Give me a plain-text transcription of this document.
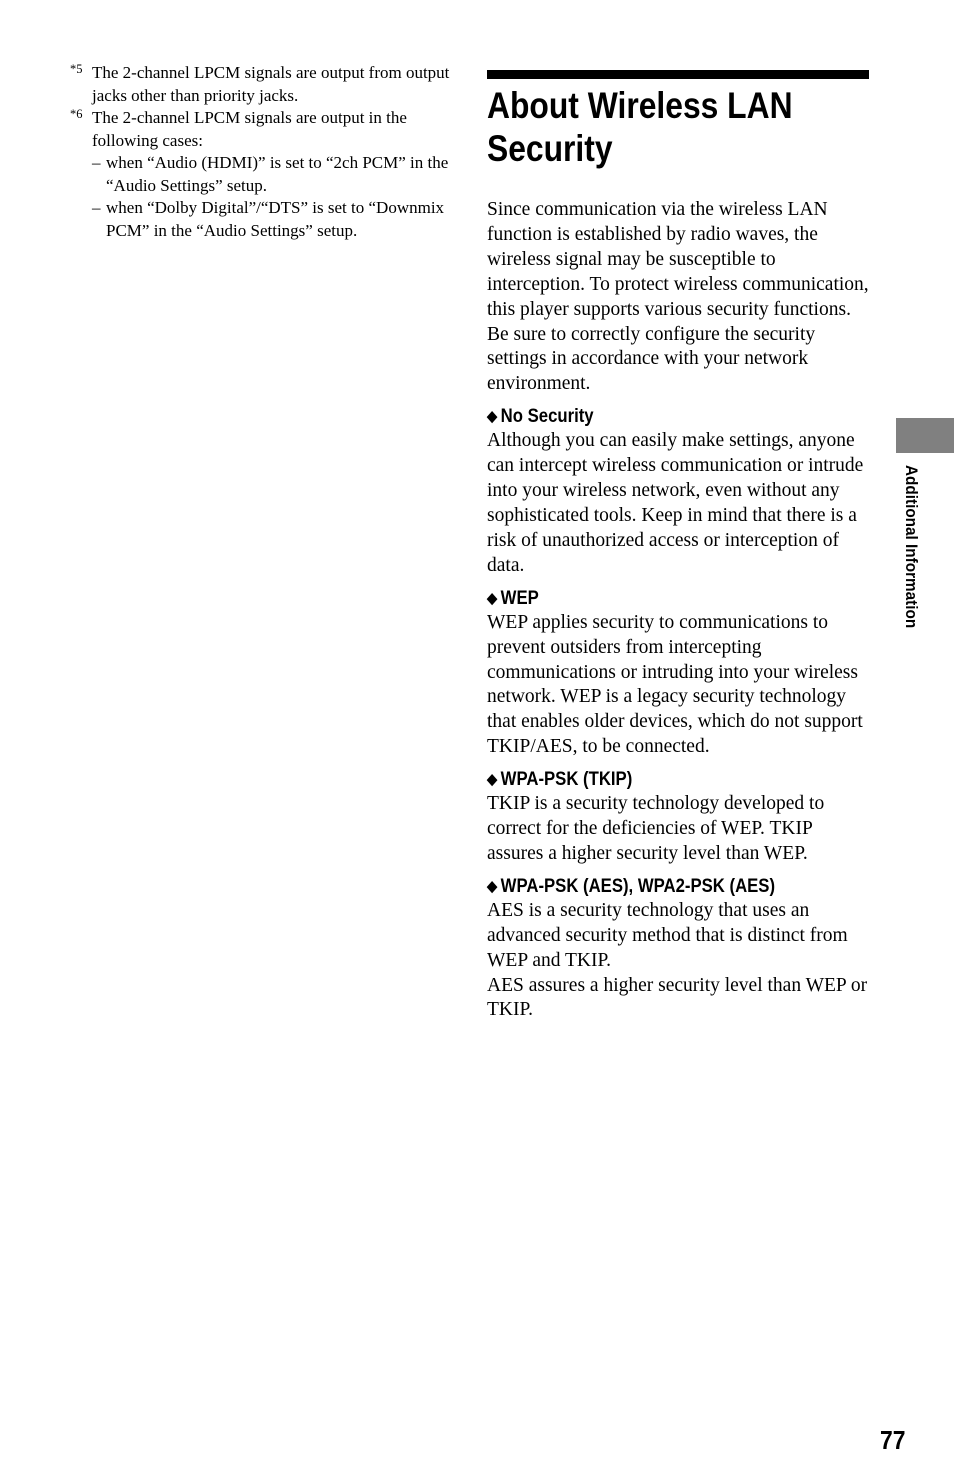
*5 The 2-channel LPCM signals are output from output jacks other than priority jacks.
*6 The 2-channel LPCM signals are output in the following cases:
– when “Audio (HDMI)” is set to “2ch PCM” in the “Audio Settings” setup.
– when “Dolby Digital”/“DTS” is set to “Downmix PCM” in the “Audio Settings” setup.
About Wireless LAN
Security

Since communication via the wireless LAN function is established by radio waves, the wireless signal may be susceptible to interception. To protect wireless communication, this player supports various security functions. Be sure to correctly configure the security settings in accordance with your network environment.

◆ No Security

Although you can easily make settings, anyone can intercept wireless communication or intrude into your wireless network, even without any sophisticated tools. Keep in mind that there is a risk of unauthorized access or interception of data.

◆ WEP

WEP applies security to communications to prevent outsiders from intercepting communications or intruding into your wireless network. WEP is a legacy security technology that enables older devices, which do not support TKIP/AES, to be connected.

◆ WPA-PSK (TKIP)

TKIP is a security technology developed to correct for the deficiencies of WEP. TKIP assures a higher security level than WEP.

◆ WPA-PSK (AES), WPA2-PSK (AES)

AES is a security technology that uses an advanced security method that is distinct from WEP and TKIP.

AES assures a higher security level than WEP or TKIP.

Additional Information
77
